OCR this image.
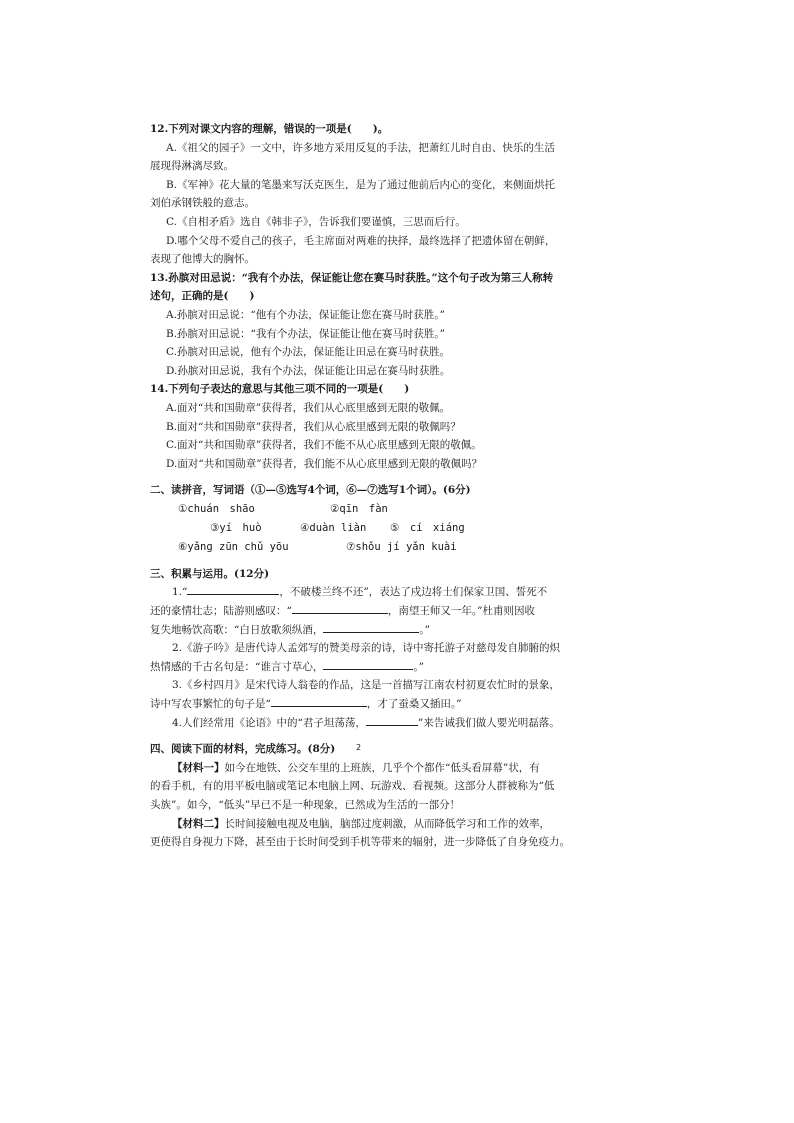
12.下列对课文内容的理解，错误的一项是(　　)。

A.《祖父的园子》一文中，许多地方采用反复的手法，把萧红儿时自由、快乐的生活

展现得淋漓尽致。

B.《军神》花大量的笔墨来写沃克医生，是为了通过他前后内心的变化，来侧面烘托

刘伯承钢铁般的意志。

C.《自相矛盾》选自《韩非子》，告诉我们要谨慎，三思而后行。

D.哪个父母不爱自己的孩子，毛主席面对两难的抉择，最终选择了把遗体留在朝鲜，

表现了他博大的胸怀。

13.孙膑对田忌说：“我有个办法，保证能让您在赛马时获胜。”这个句子改为第三人称转

述句，正确的是(　　)

A.孙膑对田忌说：“他有个办法，保证能让您在赛马时获胜。”

B.孙膑对田忌说：“我有个办法，保证能让他在赛马时获胜。”

C.孙膑对田忌说，他有个办法，保证能让田忌在赛马时获胜。

D.孙膑对田忌说，我有个办法，保证能让田忌在赛马时获胜。

14.下列句子表达的意思与其他三项不同的一项是(　　)

A.面对“共和国勋章”获得者，我们从心底里感到无限的敬佩。

B.面对“共和国勋章”获得者，我们从心底里感到无限的敬佩吗？

C.面对“共和国勋章”获得者，我们不能不从心底里感到无限的敬佩。

D.面对“共和国勋章”获得者，我们能不从心底里感到无限的敬佩吗？

二、读拼音，写词语（①—⑤选写4个词，⑥—⑦选写1个词）。(6分)

①chuán　shāo	②qīn　fàn
③yí　huò	④duàn liàn ⑤　cí　xiáng
⑥yǎng zūn chǔ yōu	⑦shǒu jí yǎn kuài

三、积累与运用。(12分)

1.“	，不破楼兰终不还”，表达了戍边将士们保家卫国、誓死不

还的豪情壮志；陆游则感叹：“	，南望王师又一年。”杜甫则因收

复失地畅饮高歌：“白日放歌须纵酒，	。”

2.《游子吟》是唐代诗人孟郊写的赞美母亲的诗，诗中寄托游子对慈母发自肺腑的炽

热情感的千古名句是：“谁言寸草心，	。”

3.《乡村四月》是宋代诗人翁卷的作品，这是一首描写江南农村初夏农忙时的景象，

诗中写农事繁忙的句子是“	，才了蚕桑又插田。”

4.人们经常用《论语》中的“君子坦荡荡，	”来告诫我们做人要光明磊落。

四、阅读下面的材料，完成练习。(8分)

【材料一】如今在地铁、公交车里的上班族，几乎个个都作“低头看屏幕”状，有

的看手机，有的用平板电脑或笔记本电脑上网、玩游戏、看视频。这部分人群被称为“低

头族”。如今，“低头”早已不是一种现象，已然成为生活的一部分！

【材料二】长时间接触电视及电脑，脑部过度刺激，从而降低学习和工作的效率，

更使得自身视力下降，甚至由于长时间受到手机等带来的辐射，进一步降低了自身免疫力。

2
